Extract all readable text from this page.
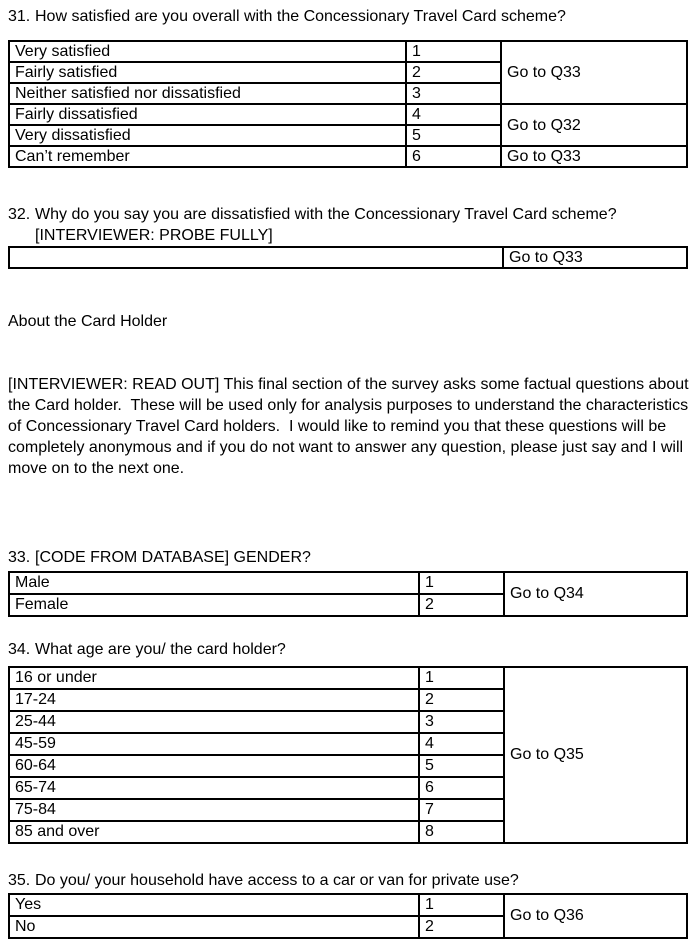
31. How satisfied are you overall with the Concessionary Travel Card scheme?
Very satisfied	1	Go to Q33
Fairly satisfied	2	
Neither satisfied nor dissatisfied	3	
Fairly dissatisfied	4	Go to Q32
Very dissatisfied	5	
Can’t remember	6	Go to Q33
32. Why do you say you are dissatisfied with the Concessionary Travel Card scheme? [INTERVIEWER: PROBE FULLY]
	Go to Q33

About the Card Holder

[INTERVIEWER: READ OUT] This final section of the survey asks some factual questions about the Card holder.  These will be used only for analysis purposes to understand the characteristics of Concessionary Travel Card holders.  I would like to remind you that these questions will be completely anonymous and if you do not want to answer any question, please just say and I will move on to the next one.

33. [CODE FROM DATABASE] GENDER?
Male	1	Go to Q34
Female	2	
34. What age are you/ the card holder?
16 or under	1	Go to Q35
17-24	2	
25-44	3	
45-59	4	
60-64	5	
65-74	6	
75-84	7	
85 and over	8	
35. Do you/ your household have access to a car or van for private use?
Yes	1	Go to Q36
No	2	
